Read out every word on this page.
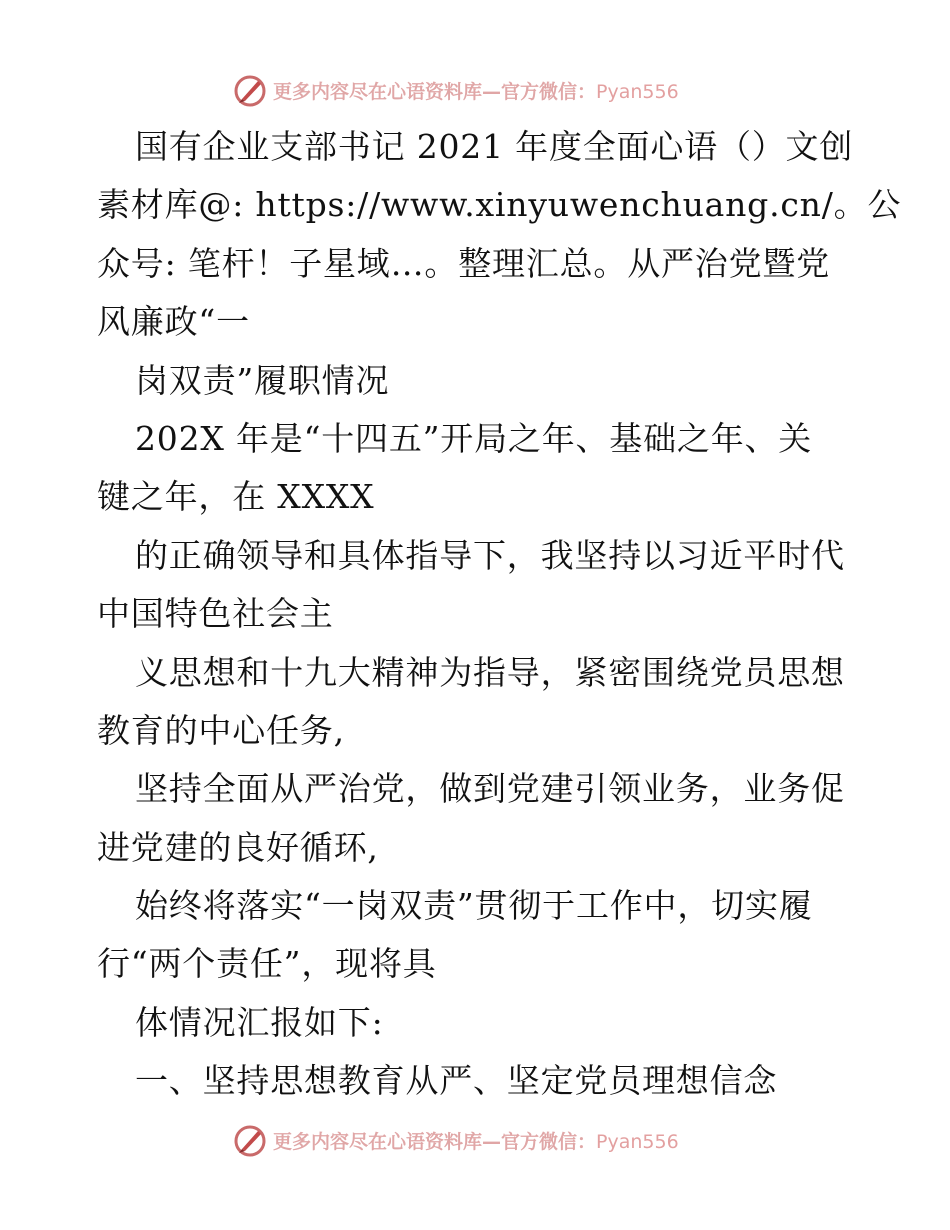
更多内容尽在心语资料库—官方微信：Pyan556
国有企业支部书记 2021 年度全面心语（）文创
素材库@: https://www.xinyuwenchuang.cn/。公
众号: 笔杆！子星域…。整理汇总。从严治党暨党
风廉政“一
岗双责”履职情况
202X 年是“十四五”开局之年、基础之年、关
键之年，在 XXXX
的正确领导和具体指导下，我坚持以习近平时代
中国特色社会主
义思想和十九大精神为指导，紧密围绕党员思想
教育的中心任务,
坚持全面从严治党，做到党建引领业务，业务促
进党建的良好循环,
始终将落实“一岗双责”贯彻于工作中，切实履
行“两个责任”，现将具
体情况汇报如下:
一、坚持思想教育从严、坚定党员理想信念
更多内容尽在心语资料库—官方微信：Pyan556
